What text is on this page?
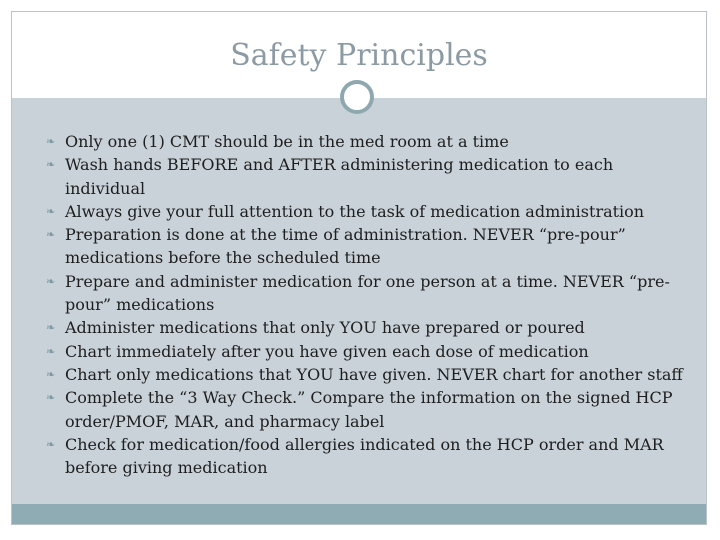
Safety Principles
❧ Only one (1) CMT should be in the med room at a time
❧ Wash hands BEFORE and AFTER administering medication to each individual
❧ Always give your full attention to the task of medication administration
❧ Preparation is done at the time of administration. NEVER “pre-pour” medications before the scheduled time
❧ Prepare and administer medication for one person at a time. NEVER “pre-pour” medications
❧ Administer medications that only YOU have prepared or poured
❧ Chart immediately after you have given each dose of medication
❧ Chart only medications that YOU have given. NEVER chart for another staff
❧ Complete the “3 Way Check.” Compare the information on the signed HCP order/PMOF, MAR, and pharmacy label
❧ Check for medication/food allergies indicated on the HCP order and MAR before giving medication
